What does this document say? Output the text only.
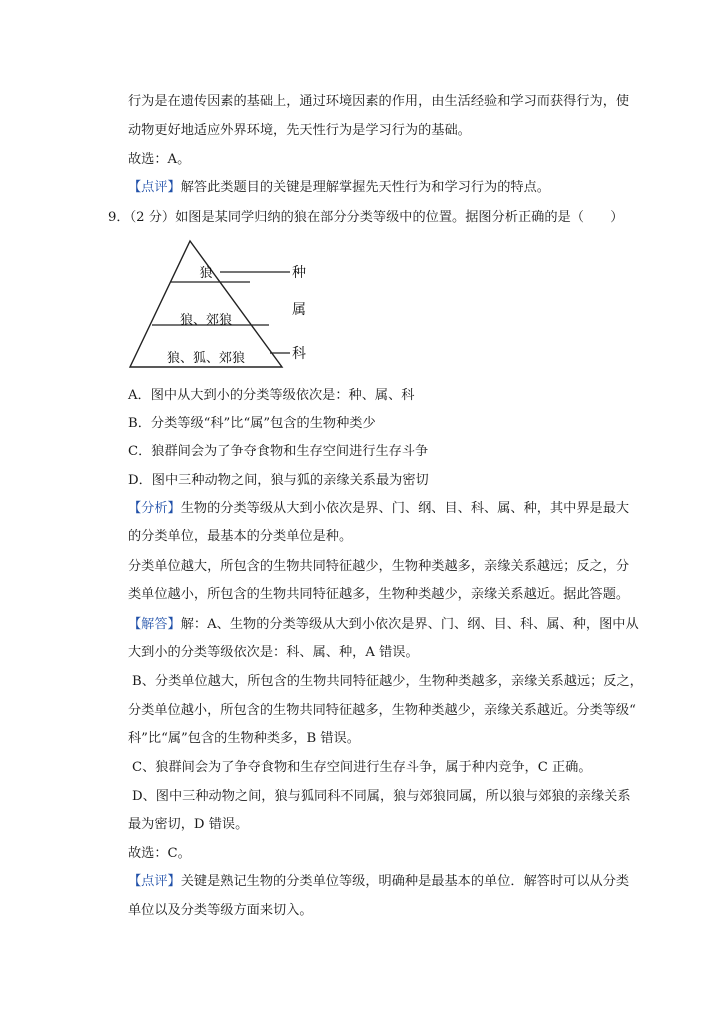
行为是在遗传因素的基础上，通过环境因素的作用，由生活经验和学习而获得行为，使
动物更好地适应外界环境，先天性行为是学习行为的基础。
故选：A。
【点评】解答此类题目的关键是理解掌握先天性行为和学习行为的特点。
9．（2 分）如图是某同学归纳的狼在部分分类等级中的位置。据图分析正确的是（　　）
狼
狼、郊狼
狼、狐、郊狼
种
属
科
A．图中从大到小的分类等级依次是：种、属、科
B．分类等级“科”比“属”包含的生物种类少
C．狼群间会为了争夺食物和生存空间进行生存斗争
D．图中三种动物之间，狼与狐的亲缘关系最为密切
【分析】生物的分类等级从大到小依次是界、门、纲、目、科、属、种，其中界是最大
的分类单位，最基本的分类单位是种。
分类单位越大，所包含的生物共同特征越少，生物种类越多，亲缘关系越远；反之，分
类单位越小，所包含的生物共同特征越多，生物种类越少，亲缘关系越近。据此答题。
【解答】解：A、生物的分类等级从大到小依次是界、门、纲、目、科、属、种，图中从
大到小的分类等级依次是：科、属、种，A 错误。
B、分类单位越大，所包含的生物共同特征越少，生物种类越多，亲缘关系越远；反之，
分类单位越小，所包含的生物共同特征越多，生物种类越少，亲缘关系越近。分类等级“
科”比“属”包含的生物种类多，B 错误。
C、狼群间会为了争夺食物和生存空间进行生存斗争，属于种内竞争，C 正确。
D、图中三种动物之间，狼与狐同科不同属，狼与郊狼同属，所以狼与郊狼的亲缘关系
最为密切，D 错误。
故选：C。
【点评】关键是熟记生物的分类单位等级，明确种是最基本的单位．解答时可以从分类
单位以及分类等级方面来切入。
